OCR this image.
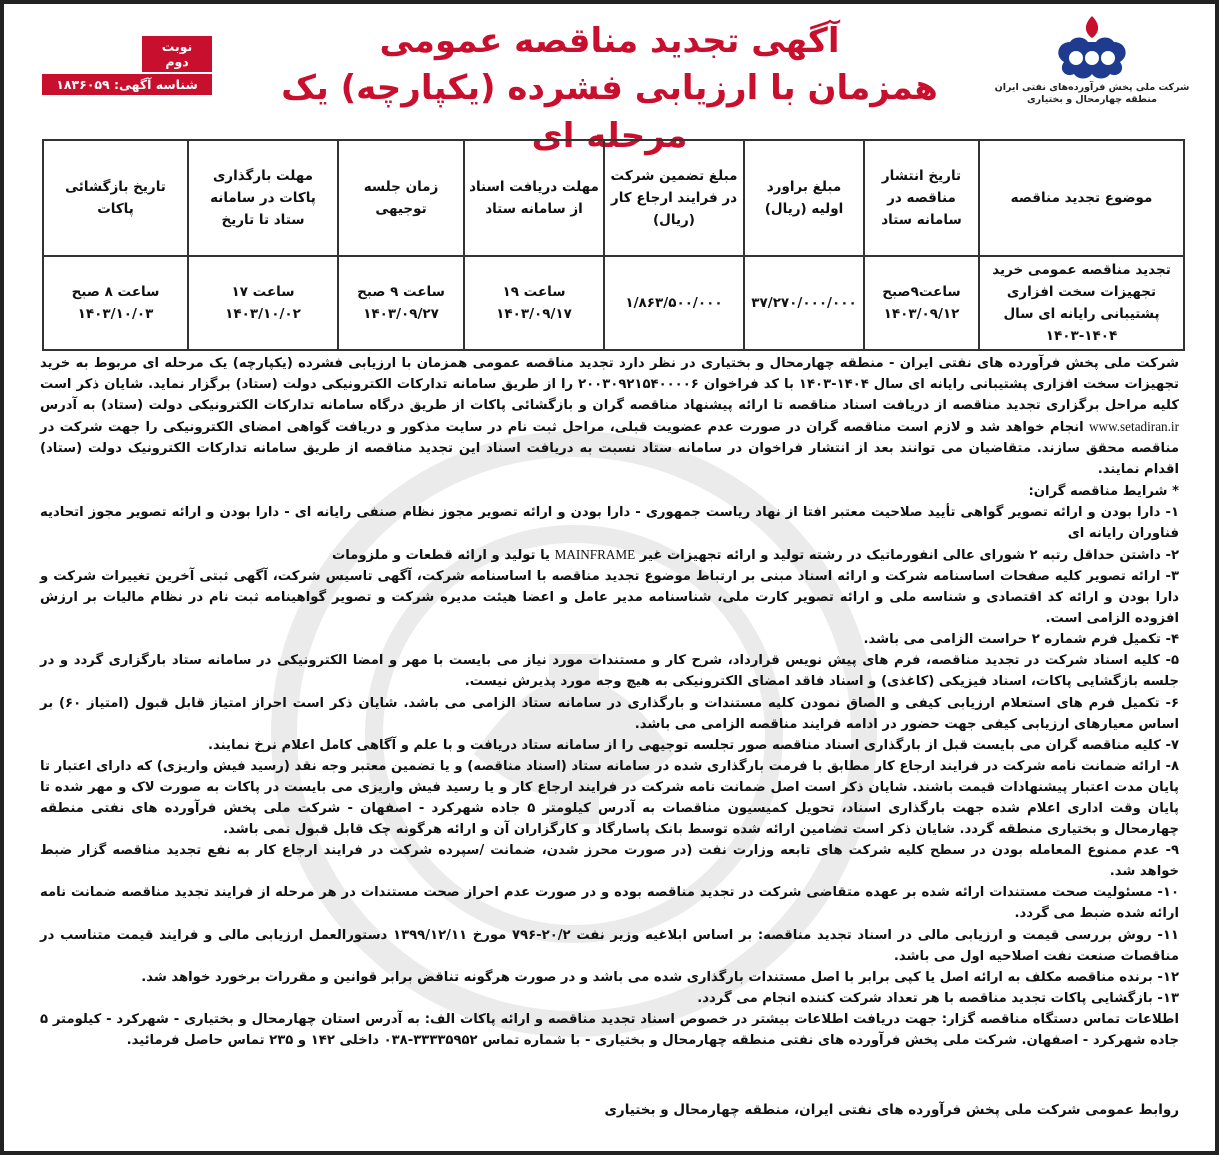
شرکت ملی پخش فرآورده‌های نفتی ایران
منطقه چهارمحال و بختیاری
آگهی تجدید مناقصه عمومی
همزمان با ارزیابی فشرده (یکپارچه) یک مرحله ای
نوبت دوم
شناسه آگهی: ۱۸۳۶۰۵۹
موضوع تجدید مناقصه	تاریخ انتشار مناقصه در سامانه ستاد	مبلغ براورد اولیه (ریال)	مبلغ تضمین شرکت در فرایند ارجاع کار (ریال)	مهلت دریافت اسناد از سامانه ستاد	زمان جلسه توجیهی	مهلت بارگذاری پاکات در سامانه ستاد تا تاریخ	تاریخ بازگشائی پاکات
تجدید مناقصه عمومی خرید تجهیزات سخت افزاری پشتیبانی رایانه ای سال ۱۴۰۴-۱۴۰۳	ساعت۹صبح ۱۴۰۳/۰۹/۱۲	۳۷/۲۷۰/۰۰۰/۰۰۰	۱/۸۶۳/۵۰۰/۰۰۰	ساعت ۱۹ ۱۴۰۳/۰۹/۱۷	ساعت ۹ صبح ۱۴۰۳/۰۹/۲۷	ساعت ۱۷ ۱۴۰۳/۱۰/۰۲	ساعت ۸ صبح ۱۴۰۳/۱۰/۰۳

شرکت ملی پخش فرآورده های نفتی ایران - منطقه چهارمحال و بختیاری در نظر دارد تجدید مناقصه عمومی همزمان با ارزیابی فشرده (یکپارچه) یک مرحله ای مربوط به خرید تجهیزات سخت افزاری پشتیبانی رایانه ای سال ۱۴۰۴-۱۴۰۳ با کد فراخوان ۲۰۰۳۰۹۲۱۵۴۰۰۰۰۶ را از طریق سامانه تدارکات الکترونیکی دولت (ستاد) برگزار نماید. شایان ذکر است کلیه مراحل برگزاری تجدید مناقصه از دریافت اسناد مناقصه تا ارائه پیشنهاد مناقصه گران و بازگشائی پاکات از طریق درگاه سامانه تدارکات الکترونیکی دولت (ستاد) به آدرس www.setadiran.ir انجام خواهد شد و لازم است مناقصه گران در صورت عدم عضویت قبلی، مراحل ثبت نام در سایت مذکور و دریافت گواهی امضای الکترونیکی را جهت شرکت در مناقصه محقق سازند. متقاضیان می توانند بعد از انتشار فراخوان در سامانه ستاد نسبت به دریافت اسناد این تجدید مناقصه از طریق سامانه تدارکات الکترونیک دولت (ستاد) اقدام نمایند.

* شرایط مناقصه گران:

۱- دارا بودن و ارائه تصویر گواهی تأیید صلاحیت معتبر افتا از نهاد ریاست جمهوری - دارا بودن و ارائه تصویر مجوز نظام صنفی رایانه ای - دارا بودن و ارائه تصویر مجوز اتحادیه فناوران رایانه ای

۲- داشتن حداقل رتبه ۲ شورای عالی انفورماتیک در رشته تولید و ارائه تجهیزات غیر MAINFRAME یا تولید و ارائه قطعات و ملزومات

۳- ارائه تصویر کلیه صفحات اساسنامه شرکت و ارائه اسناد مبنی بر ارتباط موضوع تجدید مناقصه با اساسنامه شرکت، آگهی تاسیس شرکت، آگهی ثبتی آخرین تغییرات شرکت و دارا بودن و ارائه کد اقتصادی و شناسه ملی و ارائه تصویر کارت ملی، شناسنامه مدیر عامل و اعضا هیئت مدیره شرکت و تصویر گواهینامه ثبت نام در نظام مالیات بر ارزش افزوده الزامی است.

۴- تکمیل فرم شماره ۲ حراست الزامی می باشد.

۵- کلیه اسناد شرکت در تجدید مناقصه، فرم های پیش نویس قرارداد، شرح کار و مستندات مورد نیاز می بایست با مهر و امضا الکترونیکی در سامانه ستاد بارگزاری گردد و در جلسه بازگشایی پاکات، اسناد فیزیکی (کاغذی) و اسناد فاقد امضای الکترونیکی به هیچ وجه مورد پذیرش نیست.

۶- تکمیل فرم های استعلام ارزیابی کیفی و الصاق نمودن کلیه مستندات و بارگذاری در سامانه ستاد الزامی می باشد. شایان ذکر است احراز امتیاز قابل قبول (امتیاز ۶۰) بر اساس معیارهای ارزیابی کیفی جهت حضور در ادامه فرایند مناقصه الزامی می باشد.

۷- کلیه مناقصه گران می بایست قبل از بارگذاری اسناد مناقصه صور تجلسه توجیهی را از سامانه ستاد دریافت و با علم و آگاهی کامل اعلام نرخ نمایند.

۸- ارائه ضمانت نامه شرکت در فرایند ارجاع کار مطابق با فرمت بارگذاری شده در سامانه ستاد (اسناد مناقصه) و یا تضمین معتبر وجه نقد (رسید فیش واریزی) که دارای اعتبار تا پایان مدت اعتبار پیشنهادات قیمت باشند. شایان ذکر است اصل ضمانت نامه شرکت در فرایند ارجاع کار و یا رسید فیش واریزی می بایست در پاکات به صورت لاک و مهر شده تا پایان وقت اداری اعلام شده جهت بارگذاری اسناد، تحویل کمیسیون مناقصات به آدرس کیلومتر ۵ جاده شهرکرد - اصفهان - شرکت ملی پخش فرآورده های نفتی منطقه چهارمحال و بختیاری منطقه گردد. شایان ذکر است تضامین ارائه شده توسط بانک پاسارگاد و کارگزاران آن و ارائه هرگونه چک قابل قبول نمی باشد.

۹- عدم ممنوع المعامله بودن در سطح کلیه شرکت های تابعه وزارت نفت (در صورت محرز شدن، ضمانت /سپرده شرکت در فرایند ارجاع کار به نفع تجدید مناقصه گزار ضبط خواهد شد.

۱۰- مسئولیت صحت مستندات ارائه شده بر عهده متقاضی شرکت در تجدید مناقصه بوده و در صورت عدم احراز صحت مستندات در هر مرحله از فرایند تجدید مناقصه ضمانت نامه ارائه شده ضبط می گردد.

۱۱- روش بررسی قیمت و ارزیابی مالی در اسناد تجدید مناقصه: بر اساس ابلاغیه وزیر نفت ۲۰/۲-۷۹۶ مورخ ۱۳۹۹/۱۲/۱۱ دستورالعمل ارزیابی مالی و فرایند قیمت متناسب در مناقصات صنعت نفت اصلاحیه اول می باشد.

۱۲- برنده مناقصه مکلف به ارائه اصل یا کپی برابر با اصل مستندات بارگذاری شده می باشد و در صورت هرگونه تناقض برابر قوانین و مقررات برخورد خواهد شد.

۱۳- بازگشایی پاکات تجدید مناقصه با هر تعداد شرکت کننده انجام می گردد.

اطلاعات تماس دستگاه مناقصه گزار: جهت دریافت اطلاعات بیشتر در خصوص اسناد تجدید مناقصه و ارائه پاکات الف: به آدرس استان چهارمحال و بختیاری - شهرکرد - کیلومتر ۵ جاده شهرکرد - اصفهان. شرکت ملی پخش فرآورده های نفتی منطقه چهارمحال و بختیاری - با شماره تماس ۳۳۳۳۵۹۵۲-۰۳۸ داخلی ۱۴۲ و ۲۳۵ تماس حاصل فرمائید.

روابط عمومی شرکت ملی پخش فرآورده های نفتی ایران، منطقه چهارمحال و بختیاری
